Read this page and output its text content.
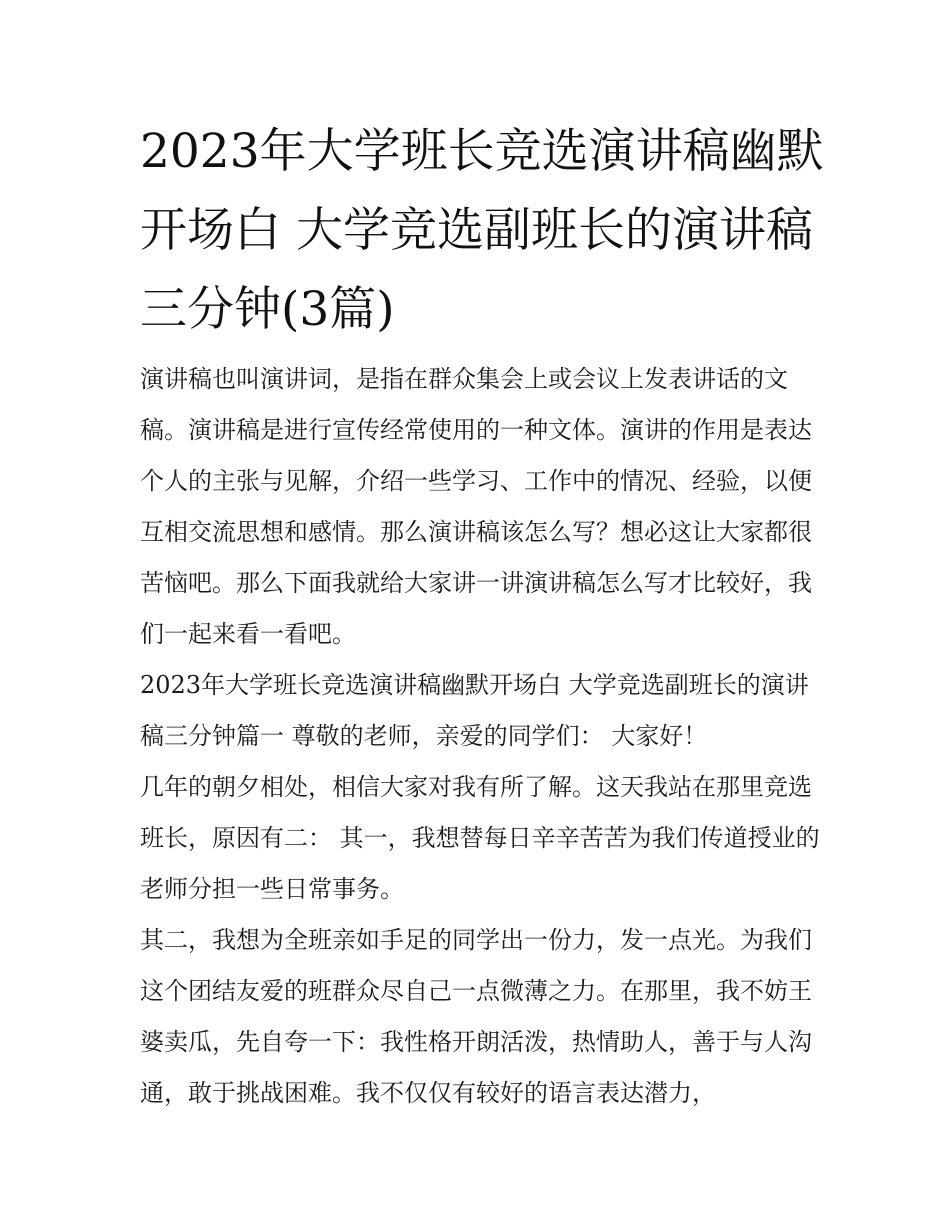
2023年大学班长竞选演讲稿幽默开场白 大学竞选副班长的演讲稿三分钟(3篇)

演讲稿也叫演讲词，是指在群众集会上或会议上发表讲话的文稿。演讲稿是进行宣传经常使用的一种文体。演讲的作用是表达个人的主张与见解，介绍一些学习、工作中的情况、经验，以便互相交流思想和感情。那么演讲稿该怎么写？想必这让大家都很苦恼吧。那么下面我就给大家讲一讲演讲稿怎么写才比较好，我们一起来看一看吧。

2023年大学班长竞选演讲稿幽默开场白 大学竞选副班长的演讲稿三分钟篇一 尊敬的老师，亲爱的同学们： 大家好！

几年的朝夕相处，相信大家对我有所了解。这天我站在那里竞选班长，原因有二： 其一，我想替每日辛辛苦苦为我们传道授业的老师分担一些日常事务。

其二，我想为全班亲如手足的同学出一份力，发一点光。为我们这个团结友爱的班群众尽自己一点微薄之力。在那里，我不妨王婆卖瓜，先自夸一下：我性格开朗活泼，热情助人，善于与人沟通，敢于挑战困难。我不仅仅有较好的语言表达潜力，
